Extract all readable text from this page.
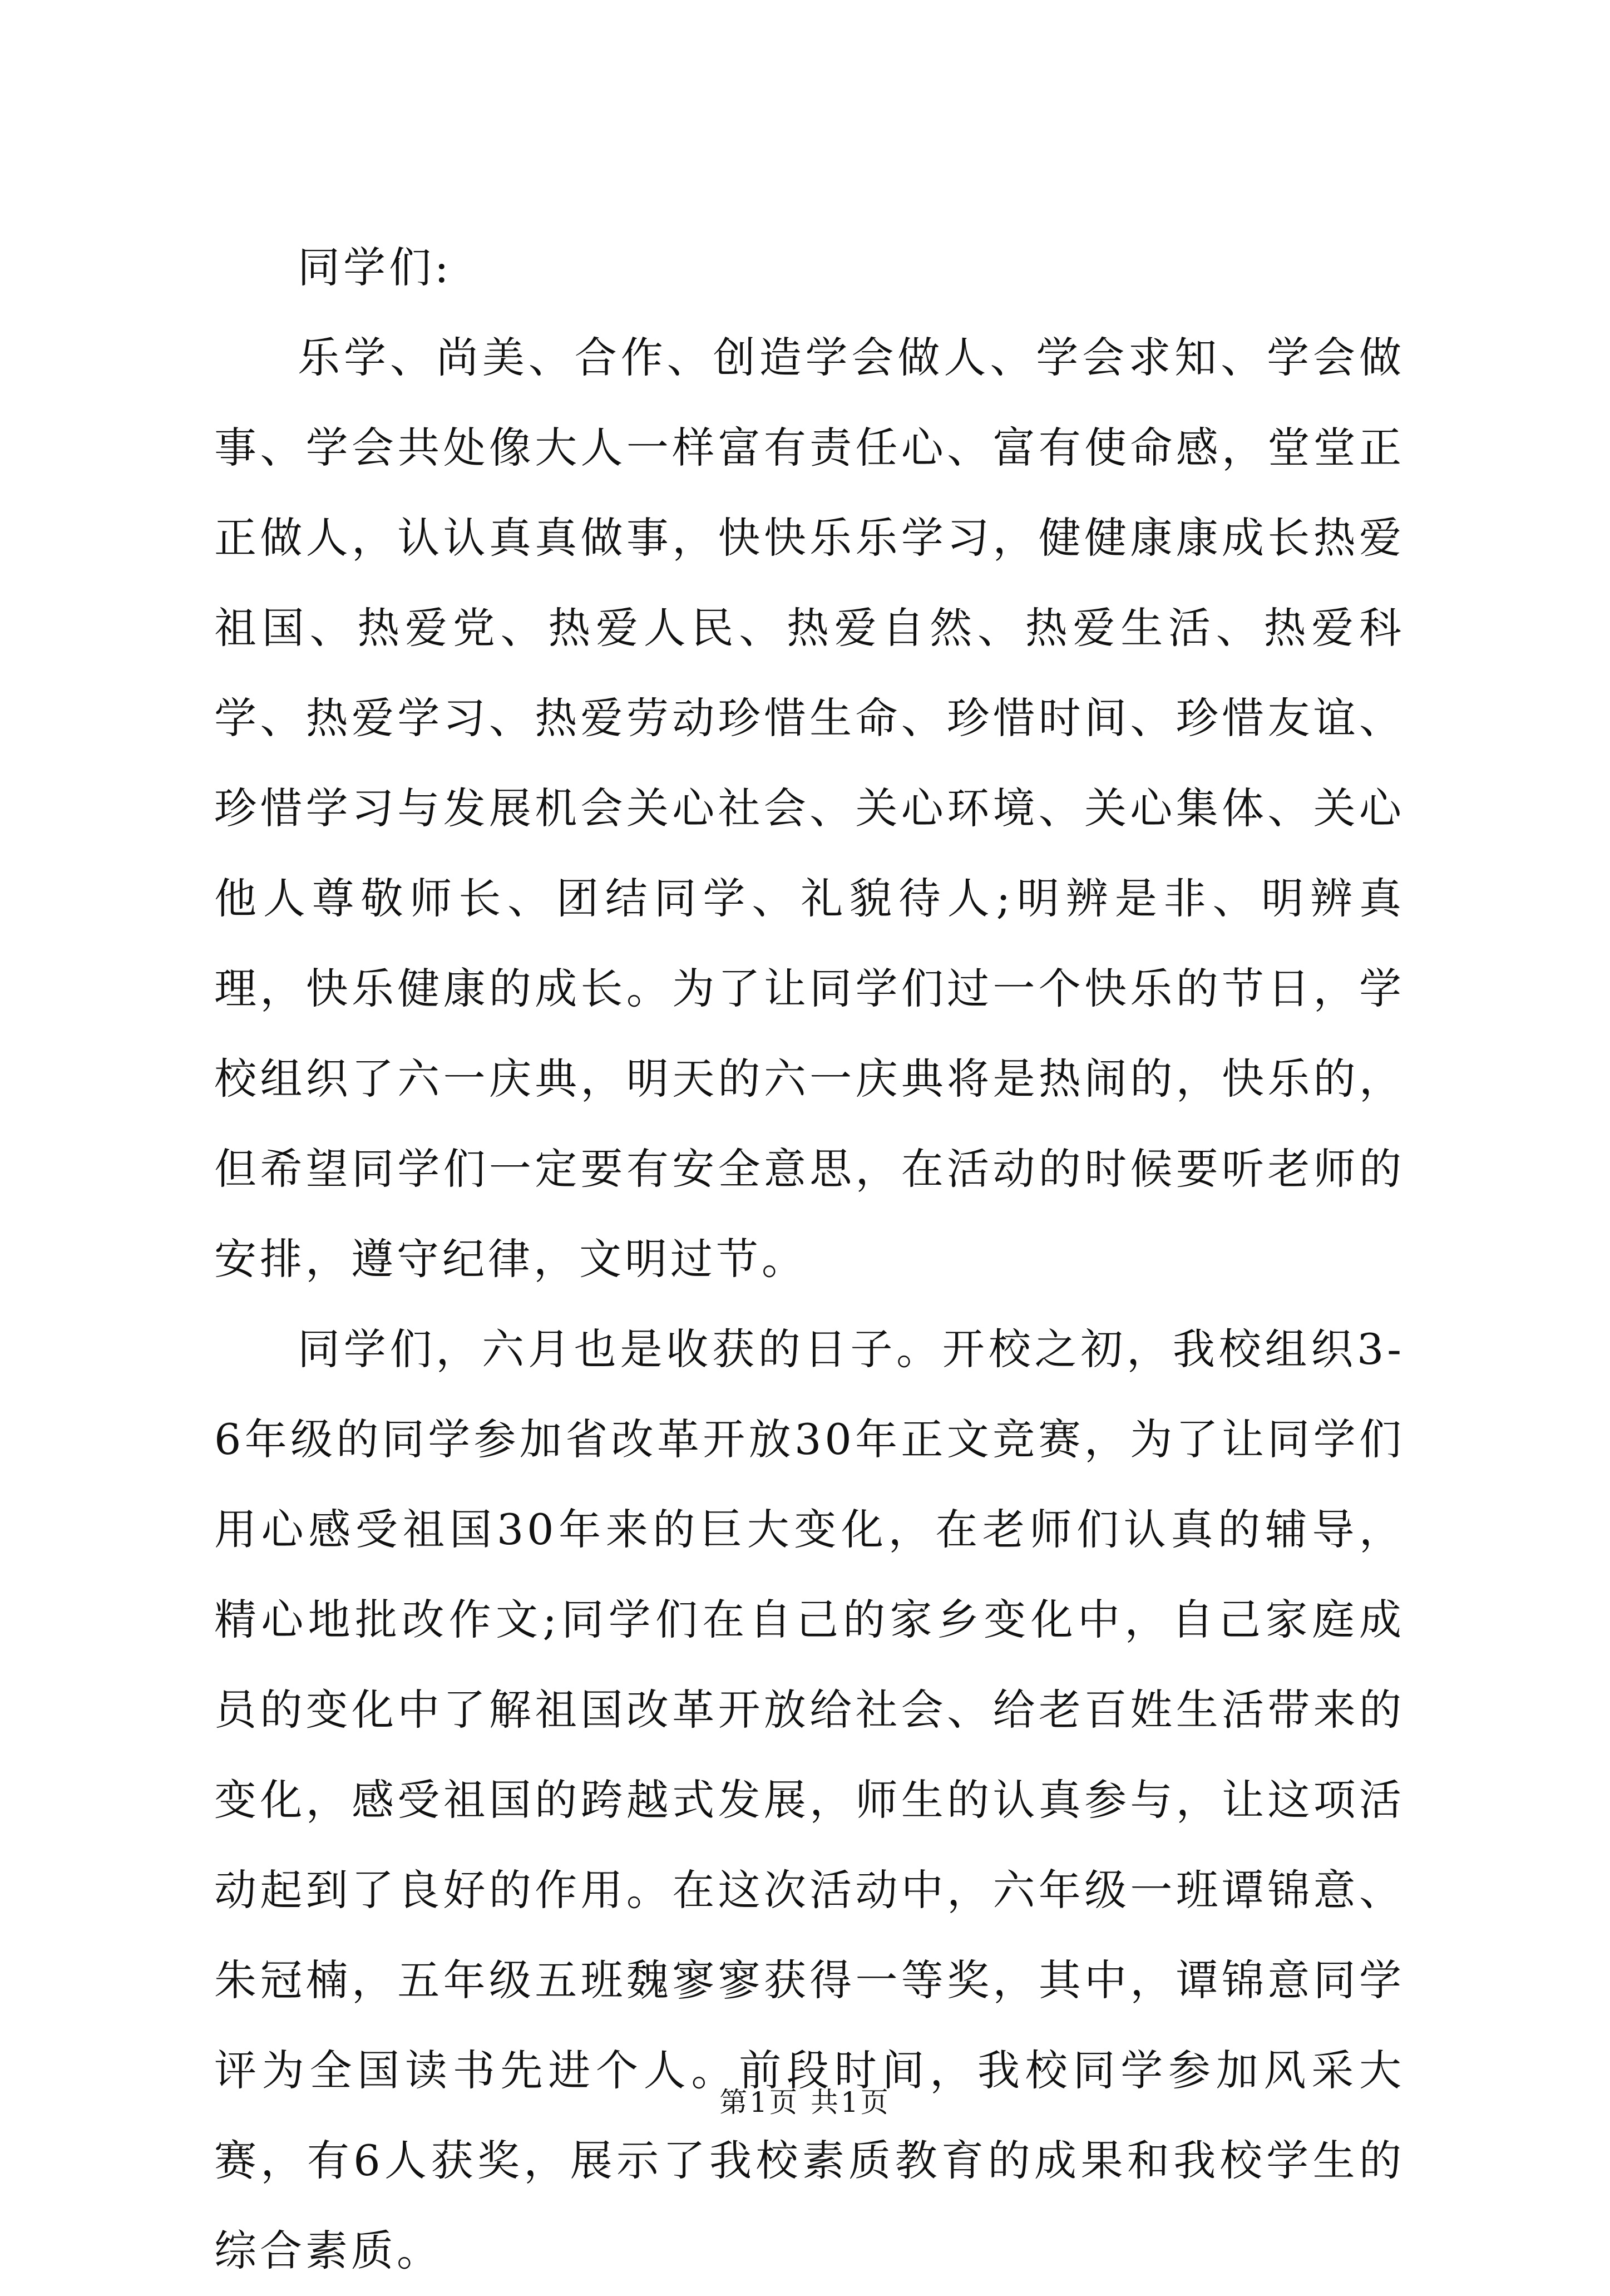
同学们:

乐学、尚美、合作、创造学会做人、学会求知、学会做事、学会共处像大人一样富有责任心、富有使命感，堂堂正正做人，认认真真做事，快快乐乐学习，健健康康成长热爱祖国、热爱党、热爱人民、热爱自然、热爱生活、热爱科学、热爱学习、热爱劳动珍惜生命、珍惜时间、珍惜友谊、珍惜学习与发展机会关心社会、关心环境、关心集体、关心他人尊敬师长、团结同学、礼貌待人;明辨是非、明辨真理，快乐健康的成长。为了让同学们过一个快乐的节日，学校组织了六一庆典，明天的六一庆典将是热闹的，快乐的，但希望同学们一定要有安全意思，在活动的时候要听老师的安排，遵守纪律，文明过节。

同学们，六月也是收获的日子。开校之初，我校组织3-6年级的同学参加省改革开放30年正文竞赛，为了让同学们用心感受祖国30年来的巨大变化，在老师们认真的辅导，精心地批改作文;同学们在自己的家乡变化中，自己家庭成员的变化中了解祖国改革开放给社会、给老百姓生活带来的变化，感受祖国的跨越式发展，师生的认真参与，让这项活动起到了良好的作用。在这次活动中，六年级一班谭锦意、朱冠楠，五年级五班魏寥寥获得一等奖，其中，谭锦意同学评为全国读书先进个人。前段时间，我校同学参加风采大赛，有6人获奖，展示了我校素质教育的成果和我校学生的综合素质。

第1页 共1页
